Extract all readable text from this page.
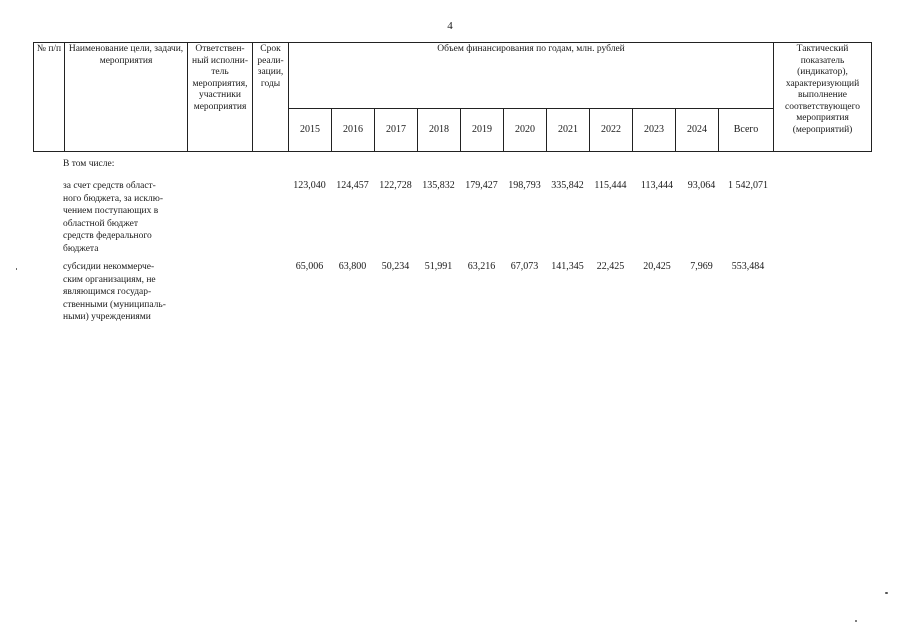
4
№ п/п	Наименование цели, задачи, мероприятия	Ответствен-ный исполни-тель мероприятия, участники мероприятия	Срок реали-зации, годы	Объем финансирования по годам, млн. рублей											Тактический показатель (индикатор), характеризующий выполнение соответствующего мероприятия (мероприятий)
				2015	2016	2017	2018	2019	2020	2021	2022	2023	2024	Всего	
В том числе:
за счет средств област-
ного бюджета, за исклю-
чением поступающих в
областной бюджет
средств федерального
бюджета
123,040	124,457	122,728	135,832	179,427	198,793	335,842	115,444	113,444	93,064	1 542,071
субсидии некоммерче-
ским организациям, не
являющимся государ-
ственными (муниципаль-
ными) учреждениями
65,006	63,800	50,234	51,991	63,216	67,073	141,345	22,425	20,425	7,969	553,484
